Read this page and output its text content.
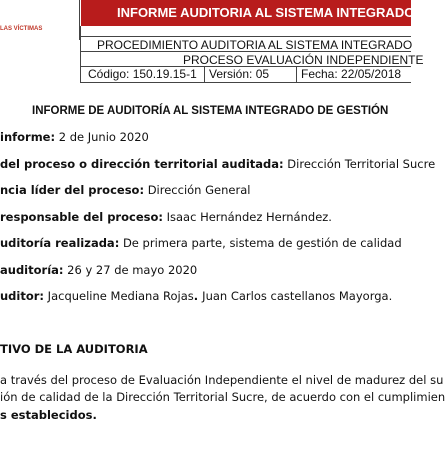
LAS VÍCTIMAS
INFORME AUDITORIA AL SISTEMA INTEGRADO DE
PROCEDIMIENTO AUDITORIA AL SISTEMA INTEGRADO
PROCESO EVALUACIÓN INDEPENDIENTE
Código: 150.19.15-1	Versión: 05	Fecha: 22/05/2018
INFORME DE AUDITORÍA AL SISTEMA INTEGRADO DE GESTIÓN
informe: 2 de Junio 2020
del proceso o dirección territorial auditada: Dirección Territorial Sucre
ncia líder del proceso: Dirección General
responsable del proceso: Isaac Hernández Hernández.
uditoría realizada: De primera parte, sistema de gestión de calidad
auditoría: 26 y 27 de mayo 2020
uditor: Jacqueline Mediana Rojas. Juan Carlos castellanos Mayorga.
TIVO DE LA AUDITORIA
a través del proceso de Evaluación Independiente el nivel de madurez del su
ión de calidad de la Dirección Territorial Sucre, de acuerdo con el cumplimien
s establecidos.
